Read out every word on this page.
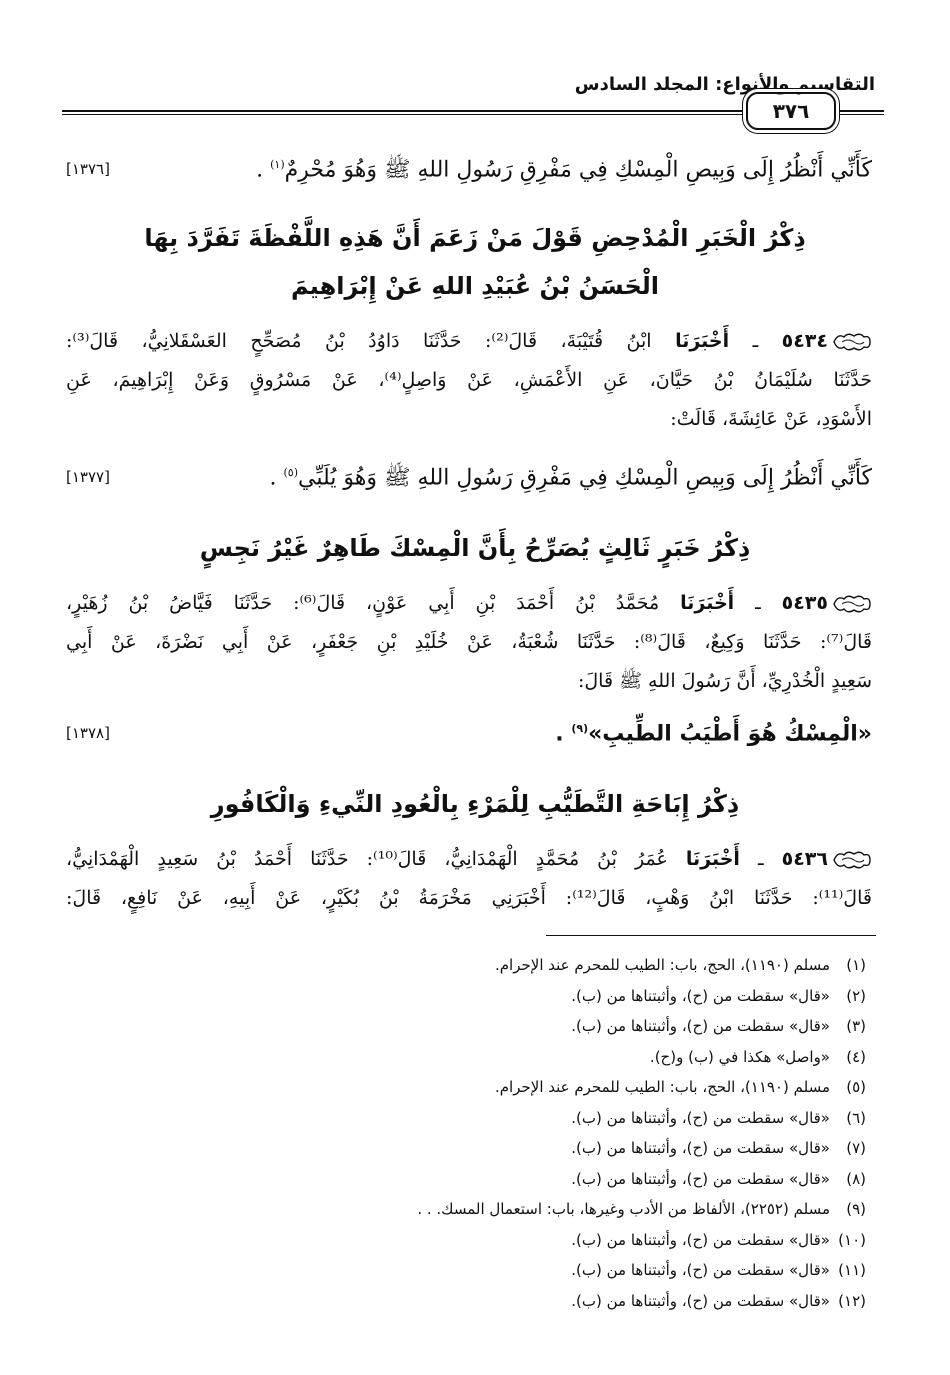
التقاسيم والأنواع: المجلد السادس
٣٧٦
كَأَنِّي أَنْظُرُ إِلَى وَبِيصِ الْمِسْكِ فِي مَفْرِقِ رَسُولِ اللهِ ﷺ وَهُوَ مُحْرِمٌ$^{(١)}$ .
[١٣٧٦]
ذِكْرُ الْخَبَرِ الْمُدْحِضِ قَوْلَ مَنْ زَعَمَ أَنَّ هَذِهِ اللَّفْظَةَ تَفَرَّدَ بِهَا
الْحَسَنُ بْنُ عُبَيْدِ اللهِ عَنْ إِبْرَاهِيمَ
٥٤٣٤ ـ أَخْبَرَنَا ابْنُ قُتَيْبَةَ، قَالَ⁽²⁾: حَدَّثَنَا دَاوُدُ بْنُ مُصَحِّحٍ العَسْقَلانِيُّ، قَالَ⁽³⁾:
حَدَّثَنَا سُلَيْمَانُ بْنُ حَيَّانَ، عَنِ الأَعْمَشِ، عَنْ وَاصِلٍ⁽⁴⁾، عَنْ مَسْرُوقٍ وَعَنْ إِبْرَاهِيمَ، عَنِ
الأَسْوَدِ، عَنْ عَائِشَةَ، قَالَتْ:
كَأَنِّي أَنْظُرُ إِلَى وَبِيصِ الْمِسْكِ فِي مَفْرِقِ رَسُولِ اللهِ ﷺ وَهُوَ يُلَبِّي$^{(٥)}$ .
[١٣٧٧]
ذِكْرُ خَبَرٍ ثَالِثٍ يُصَرِّحُ بِأَنَّ الْمِسْكَ طَاهِرٌ غَيْرُ نَجِسٍ
٥٤٣٥ ـ أَخْبَرَنَا مُحَمَّدُ بْنُ أَحْمَدَ بْنِ أَبِي عَوْنٍ، قَالَ⁽⁶⁾: حَدَّثَنَا فَيَّاضُ بْنُ زُهَيْرٍ،
قَالَ⁽⁷⁾: حَدَّثَنَا وَكِيعٌ، قَالَ⁽⁸⁾: حَدَّثَنَا شُعْبَةُ، عَنْ خُلَيْدِ بْنِ جَعْفَرٍ، عَنْ أَبِي نَضْرَةَ، عَنْ أَبِي
سَعِيدٍ الْخُدْرِيِّ، أَنَّ رَسُولَ اللهِ ﷺ قَالَ:
«الْمِسْكُ هُوَ أَطْيَبُ الطِّيبِ»$^{(٩)}$ .
[١٣٧٨]
ذِكْرُ إِبَاحَةِ التَّطَيُّبِ لِلْمَرْءِ بِالْعُودِ النِّيءِ وَالْكَافُورِ
٥٤٣٦ ـ أَخْبَرَنَا عُمَرُ بْنُ مُحَمَّدٍ الْهَمْدَانِيُّ، قَالَ⁽¹⁰⁾: حَدَّثَنَا أَحْمَدُ بْنُ سَعِيدٍ الْهَمْدَانِيُّ،
قَالَ⁽¹¹⁾: حَدَّثَنَا ابْنُ وَهْبٍ، قَالَ⁽¹²⁾: أَخْبَرَنِي مَخْرَمَةُ بْنُ بُكَيْرٍ، عَنْ أَبِيهِ، عَنْ نَافِعٍ، قَالَ:
(١)مسلم (١١٩٠)، الحج، باب: الطيب للمحرم عند الإحرام.
(٢)«قال» سقطت من (ح)، وأثبتناها من (ب).
(٣)«قال» سقطت من (ح)، وأثبتناها من (ب).
(٤)«واصل» هكذا في (ب) و(ح).
(٥)مسلم (١١٩٠)، الحج، باب: الطيب للمحرم عند الإحرام.
(٦)«قال» سقطت من (ح)، وأثبتناها من (ب).
(٧)«قال» سقطت من (ح)، وأثبتناها من (ب).
(٨)«قال» سقطت من (ح)، وأثبتناها من (ب).
(٩)مسلم (٢٢٥٢)، الألفاظ من الأدب وغيرها، باب: استعمال المسك. . .
(١٠)«قال» سقطت من (ح)، وأثبتناها من (ب).
(١١)«قال» سقطت من (ح)، وأثبتناها من (ب).
(١٢)«قال» سقطت من (ح)، وأثبتناها من (ب).
